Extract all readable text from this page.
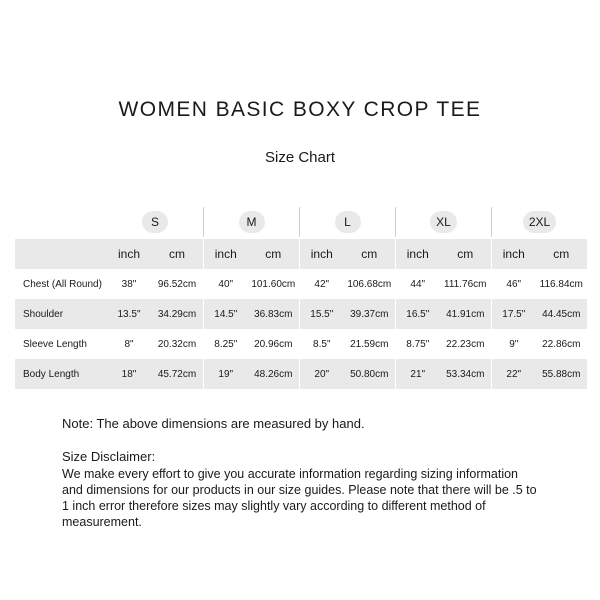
WOMEN BASIC BOXY CROP TEE
Size Chart
S	M	L	XL	2XL
inch	cm	inch	cm	inch	cm	inch	cm	inch	cm
Chest (All Round)	38"	96.52cm	40"	101.60cm	42"	106.68cm	44"	111.76cm	46"	116.84cm
Shoulder	13.5"	34.29cm	14.5"	36.83cm	15.5"	39.37cm	16.5"	41.91cm	17.5"	44.45cm
Sleeve Length	8"	20.32cm	8.25"	20.96cm	8.5"	21.59cm	8.75"	22.23cm	9"	22.86cm
Body Length	18"	45.72cm	19"	48.26cm	20"	50.80cm	21"	53.34cm	22"	55.88cm
Note: The above dimensions are measured by hand.
Size Disclaimer:
We make every effort to give you accurate information regarding sizing information and dimensions for our products in our size guides. Please note that there will be .5 to 1 inch error therefore sizes may slightly vary according to different method of measurement.
